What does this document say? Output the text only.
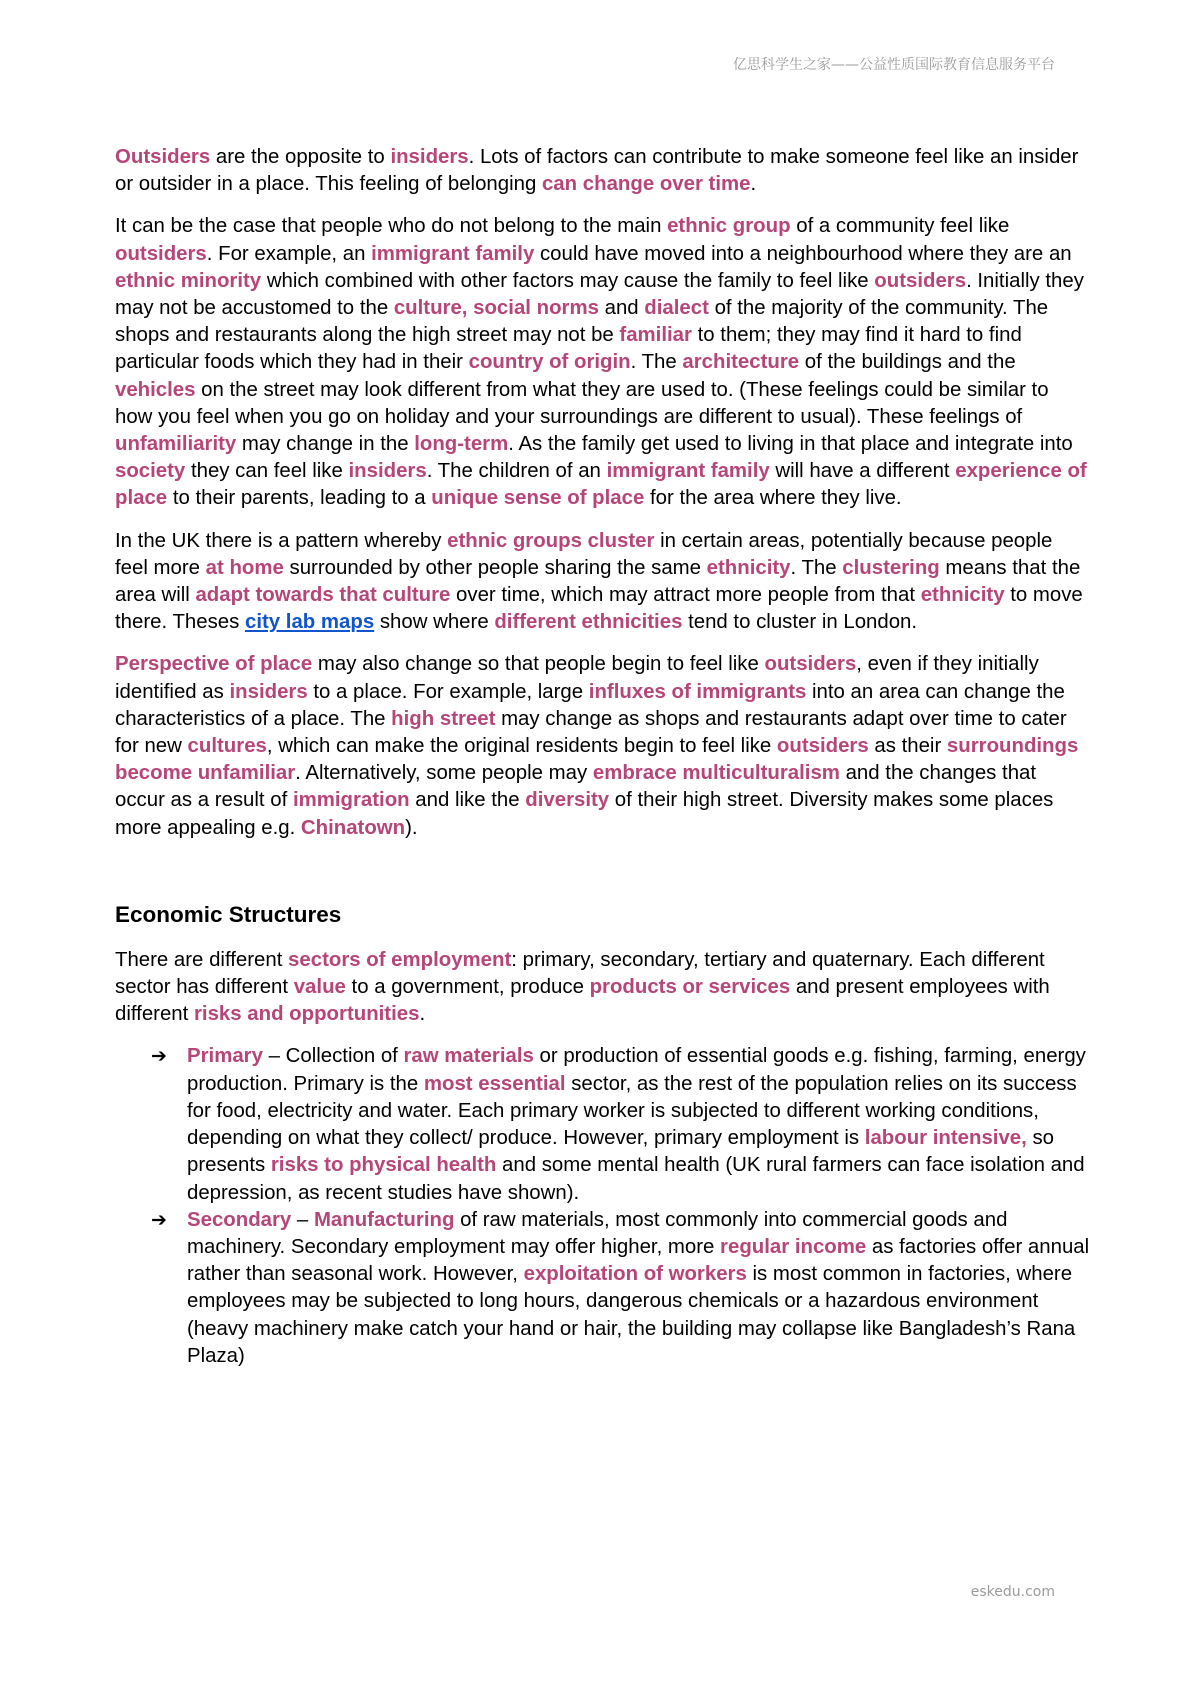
亿思科学生之家——公益性质国际教育信息服务平台

Outsiders are the opposite to insiders. Lots of factors can contribute to make someone feel like an insider or outsider in a place. This feeling of belonging can change over time.

It can be the case that people who do not belong to the main ethnic group of a community feel like outsiders. For example, an immigrant family could have moved into a neighbourhood where they are an ethnic minority which combined with other factors may cause the family to feel like outsiders. Initially they may not be accustomed to the culture, social norms and dialect of the majority of the community. The shops and restaurants along the high street may not be familiar to them; they may find it hard to find particular foods which they had in their country of origin. The architecture of the buildings and the vehicles on the street may look different from what they are used to. (These feelings could be similar to how you feel when you go on holiday and your surroundings are different to usual). These feelings of unfamiliarity may change in the long-term. As the family get used to living in that place and integrate into society they can feel like insiders. The children of an immigrant family will have a different experience of place to their parents, leading to a unique sense of place for the area where they live.

In the UK there is a pattern whereby ethnic groups cluster in certain areas, potentially because people feel more at home surrounded by other people sharing the same ethnicity. The clustering means that the area will adapt towards that culture over time, which may attract more people from that ethnicity to move there. Theses city lab maps show where different ethnicities tend to cluster in London.

Perspective of place may also change so that people begin to feel like outsiders, even if they initially identified as insiders to a place. For example, large influxes of immigrants into an area can change the characteristics of a place. The high street may change as shops and restaurants adapt over time to cater for new cultures, which can make the original residents begin to feel like outsiders as their surroundings become unfamiliar. Alternatively, some people may embrace multiculturalism and the changes that occur as a result of immigration and like the diversity of their high street. Diversity makes some places more appealing e.g. Chinatown).

Economic Structures

There are different sectors of employment: primary, secondary, tertiary and quaternary. Each different sector has different value to a government, produce products or services and present employees with different risks and opportunities.

➔ Primary – Collection of raw materials or production of essential goods e.g. fishing, farming, energy production. Primary is the most essential sector, as the rest of the population relies on its success for food, electricity and water. Each primary worker is subjected to different working conditions, depending on what they collect/ produce. However, primary employment is labour intensive, so presents risks to physical health and some mental health (UK rural farmers can face isolation and depression, as recent studies have shown).
➔ Secondary – Manufacturing of raw materials, most commonly into commercial goods and machinery. Secondary employment may offer higher, more regular income as factories offer annual rather than seasonal work. However, exploitation of workers is most common in factories, where employees may be subjected to long hours, dangerous chemicals or a hazardous environment (heavy machinery make catch your hand or hair, the building may collapse like Bangladesh’s Rana Plaza)
eskedu.com
